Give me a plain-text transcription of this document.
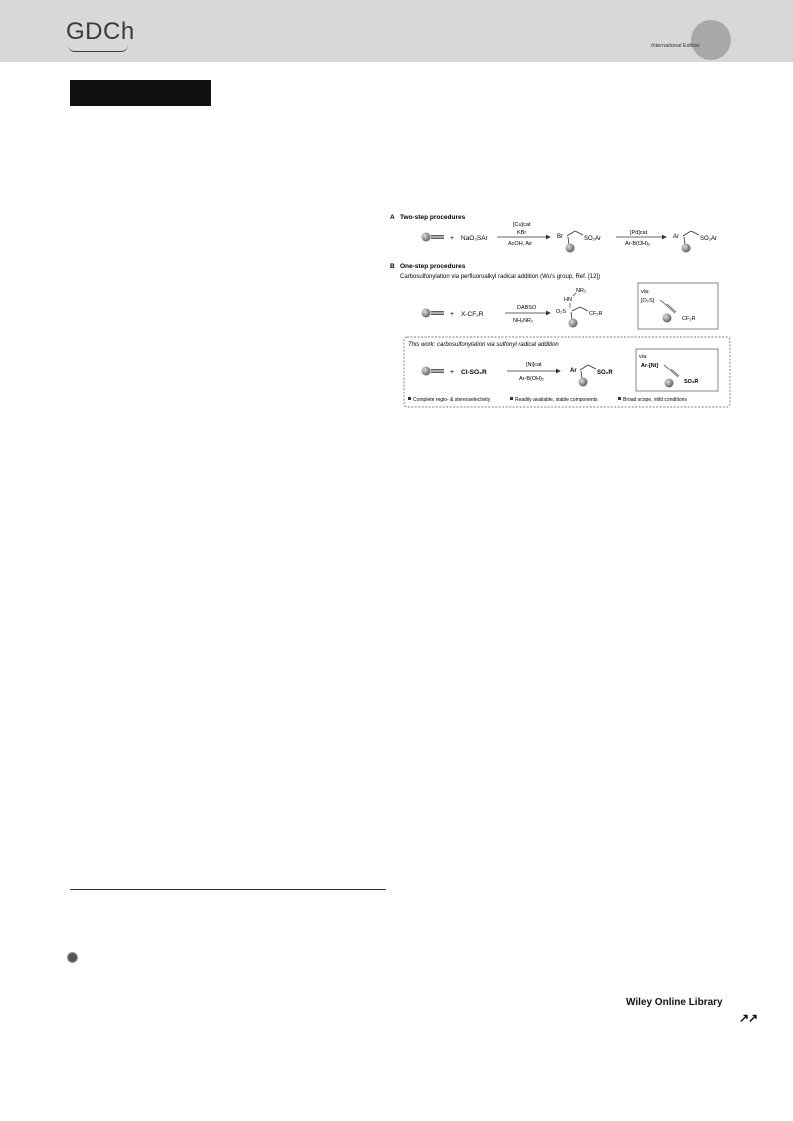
GDCh
International Edition
A Two-step procedures
+ NaO₂SAr
[Cu]cat
KBr
AcOH, Air
Br	SO₂Ar
[Pd]cat
Ar-B(OH)₂
Ar	SO₂Ar
B One-step procedures
Carbosulfonylation via perfluoroalkyl radical addition (Wu's group, Ref. [12])
+ X-CF₂R
DABSO
NH₂NR₂
NR₂
HN
O₂S	CF₂R
via:
[O₂S]
CF₂R
This work: carbosulfonylation via sulfonyl radical addition
+ Cl-SO₂R
[Ni]cat
Ar-B(OH)₂
Ar	SO₂R
via:
Ar-[Ni]
SO₂R
Complete regio- & stereoselectivity	Readily available, stable components	Broad scope, mild conditions
Wiley Online Library
↗↗
